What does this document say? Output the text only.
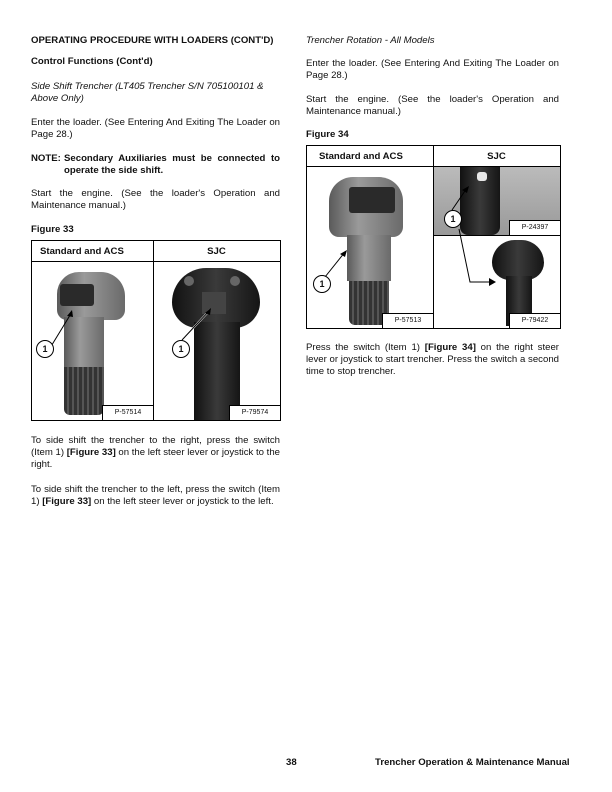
OPERATING PROCEDURE WITH LOADERS (CONT'D)
Control Functions (Cont'd)
Side Shift Trencher (LT405 Trencher S/N 705100101 & Above Only)
Enter the loader. (See Entering And Exiting The Loader on Page 28.)
NOTE: Secondary Auxiliaries must be connected to operate the side shift.
Start the engine. (See the loader's Operation and Maintenance manual.)
Figure 33
Standard and ACS	SJC
1
P-57514
1
P-79574
To side shift the trencher to the right, press the switch (Item 1) [Figure 33] on the left steer lever or joystick to the right.
To side shift the trencher to the left, press the switch (Item 1) [Figure 33] on the left steer lever or joystick to the left.
Trencher Rotation - All Models
Enter the loader. (See Entering And Exiting The Loader on Page 28.)
Start the engine. (See the loader's Operation and Maintenance manual.)
Figure 34
Standard and ACS	SJC
1
P-57513
P-24397
P-79422
1
Press the switch (Item 1) [Figure 34] on the right steer lever or joystick to start trencher. Press the switch a second time to stop trencher.
38	Trencher Operation & Maintenance Manual
